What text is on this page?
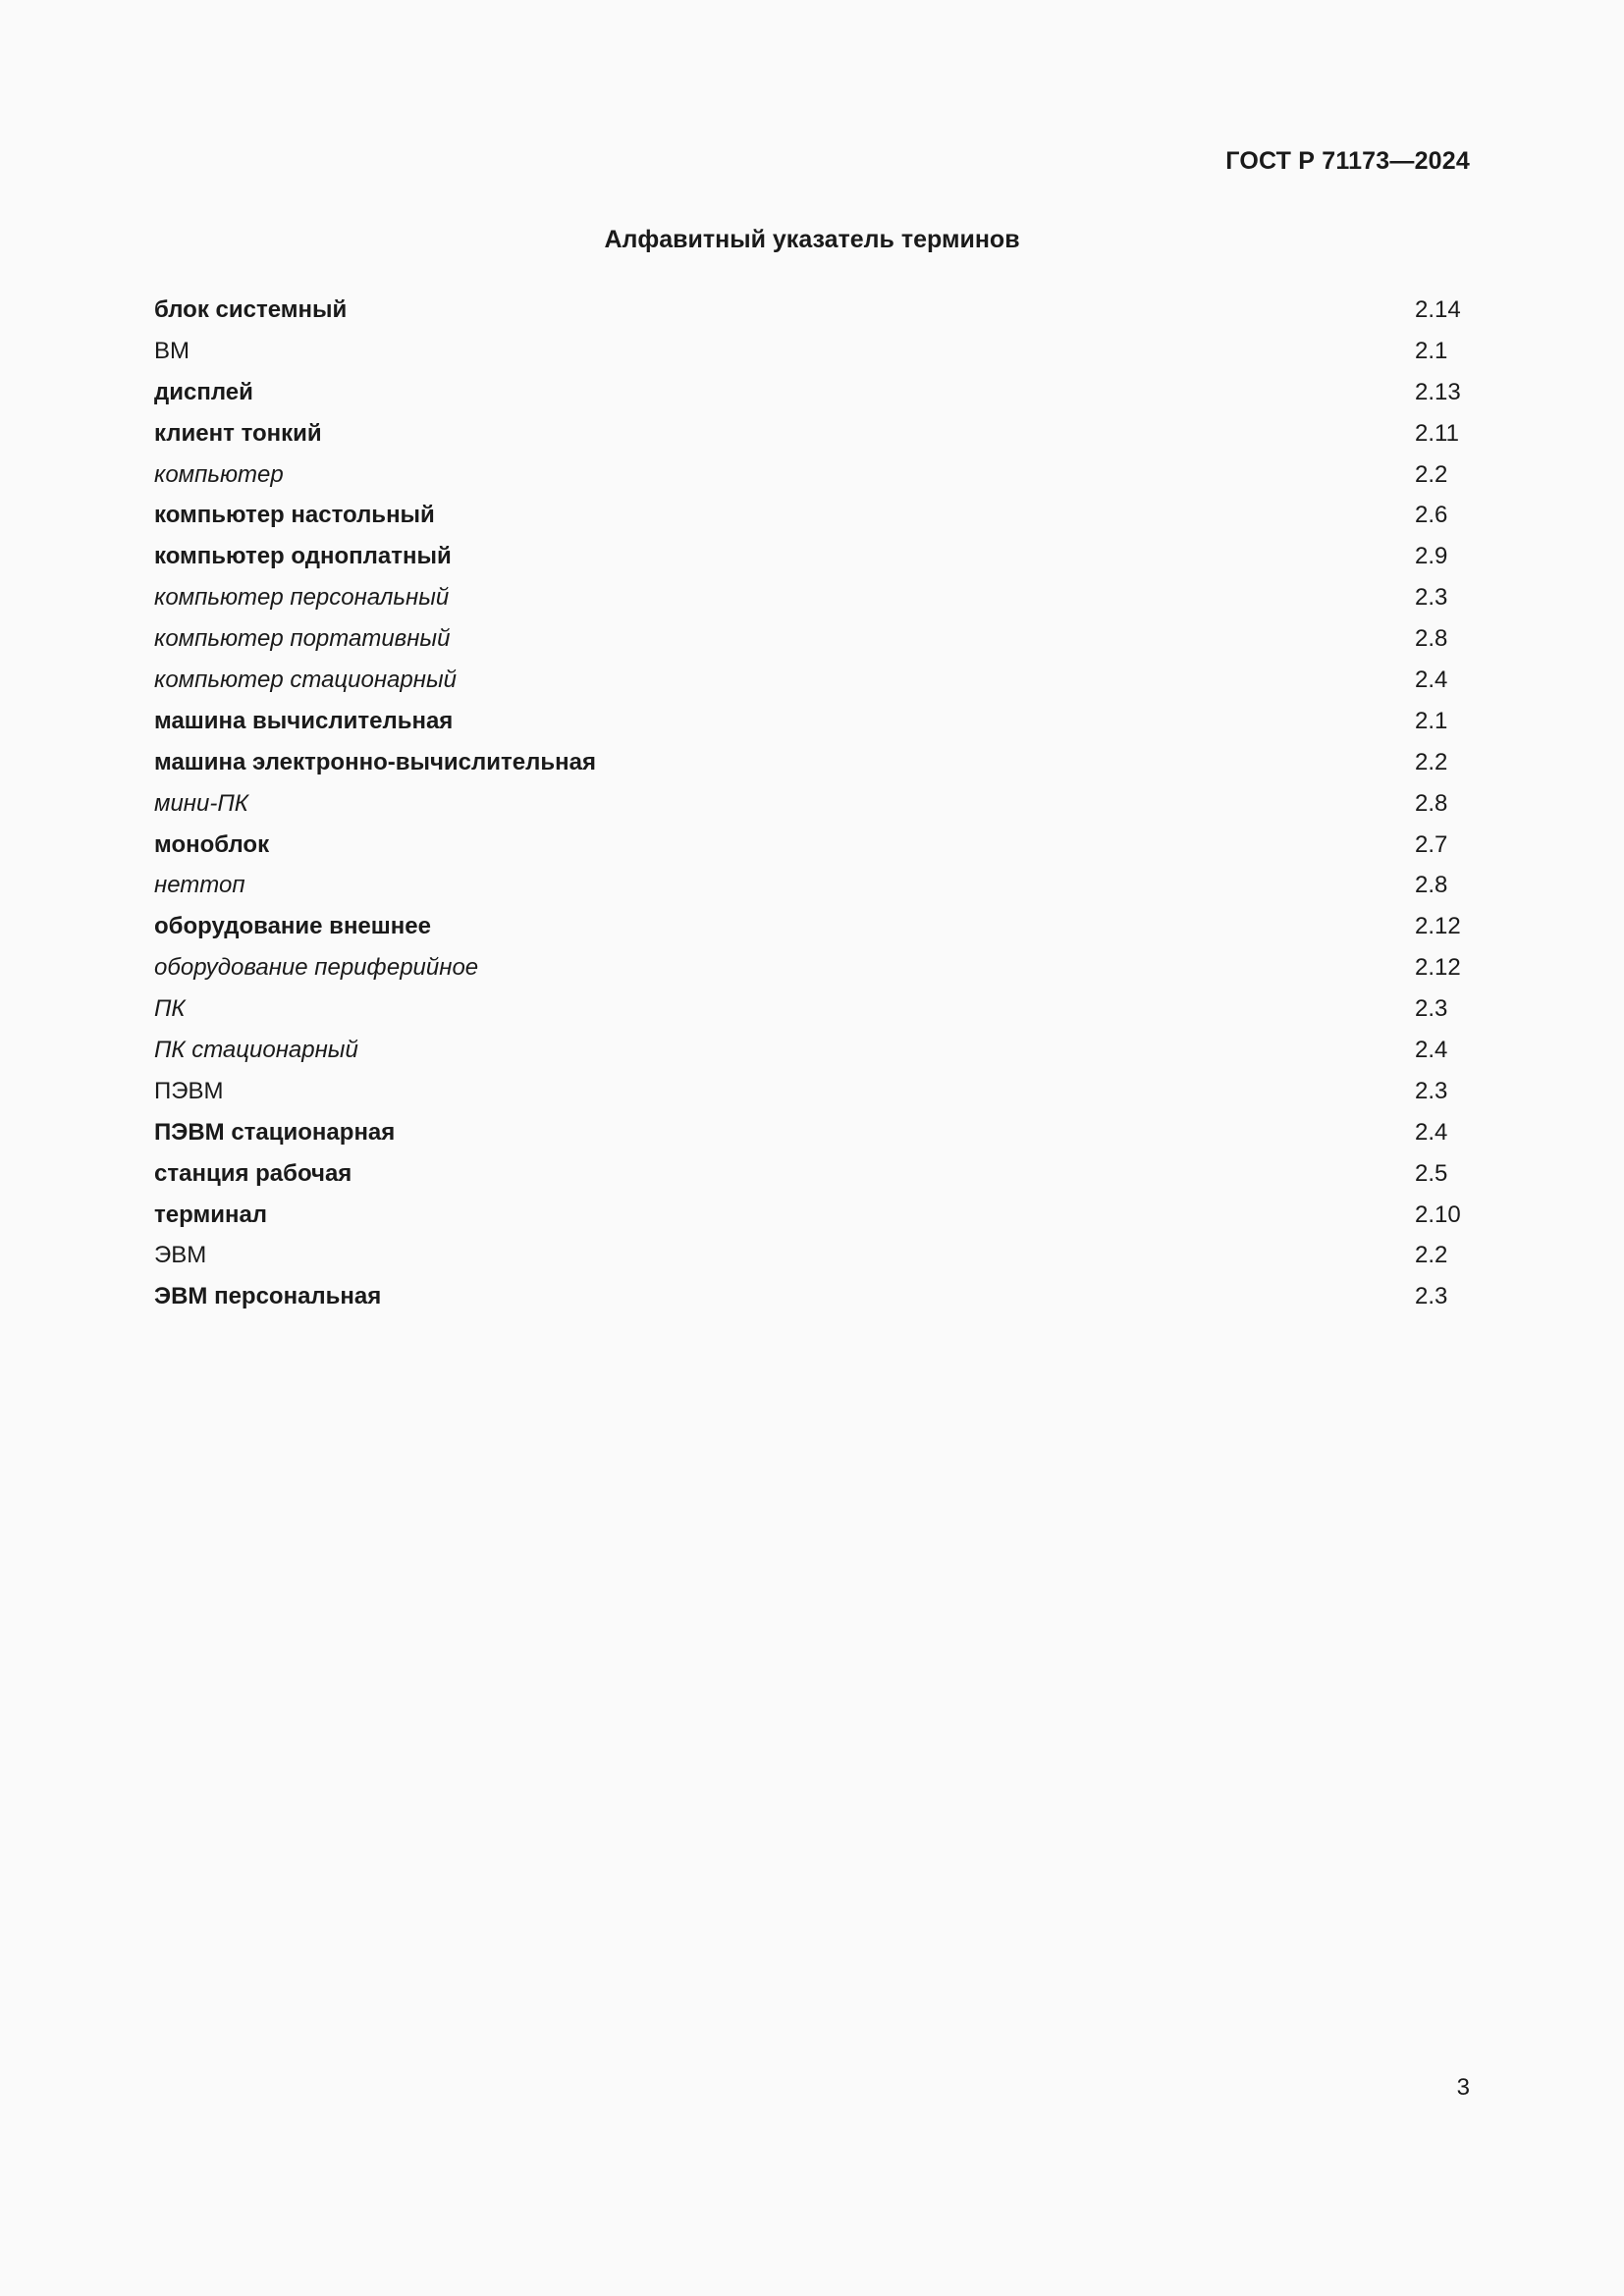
ГОСТ Р 71173—2024
Алфавитный указатель терминов
блок системный	2.14
ВМ	2.1
дисплей	2.13
клиент тонкий	2.11
компьютер	2.2
компьютер настольный	2.6
компьютер одноплатный	2.9
компьютер персональный	2.3
компьютер портативный	2.8
компьютер стационарный	2.4
машина вычислительная	2.1
машина электронно-вычислительная	2.2
мини-ПК	2.8
моноблок	2.7
неттоп	2.8
оборудование внешнее	2.12
оборудование периферийное	2.12
ПК	2.3
ПК стационарный	2.4
ПЭВМ	2.3
ПЭВМ стационарная	2.4
станция рабочая	2.5
терминал	2.10
ЭВМ	2.2
ЭВМ персональная	2.3
3
